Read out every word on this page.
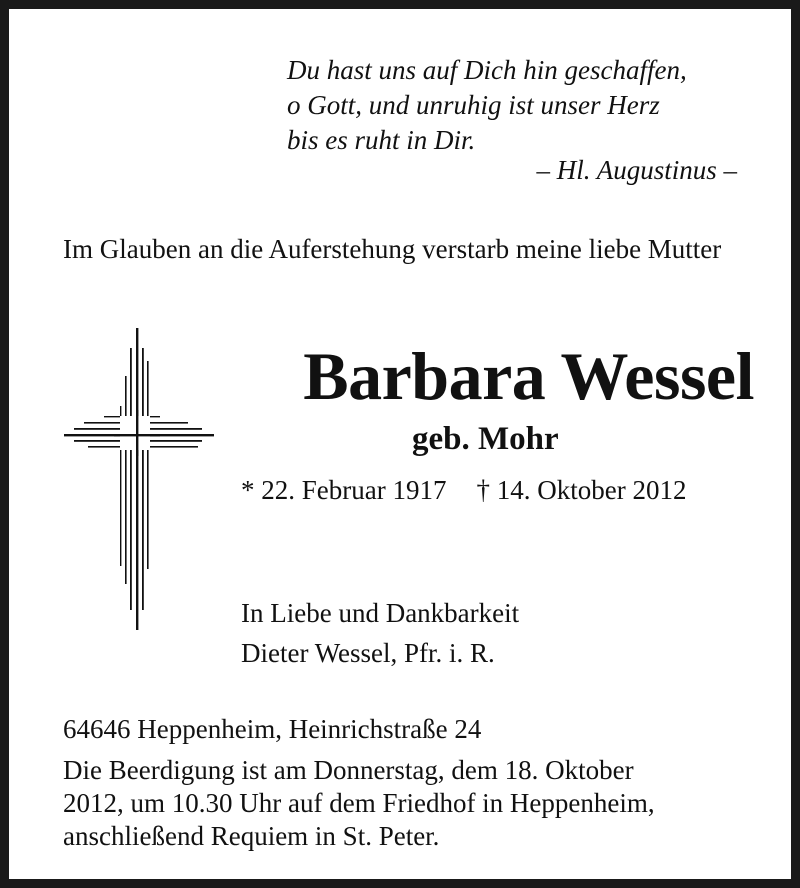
Du hast uns auf Dich hin geschaffen,
o Gott, und unruhig ist unser Herz
bis es ruht in Dir.
– Hl. Augustinus –
Im Glauben an die Auferstehung verstarb meine liebe Mutter
Barbara Wessel
geb. Mohr
* 22. Februar 1917 † 14. Oktober 2012
In Liebe und Dankbarkeit
Dieter Wessel, Pfr. i. R.
64646 Heppenheim, Heinrichstraße 24
Die Beerdigung ist am Donnerstag, dem 18. Oktober
2012, um 10.30 Uhr auf dem Friedhof in Heppenheim,
anschließend Requiem in St. Peter.
